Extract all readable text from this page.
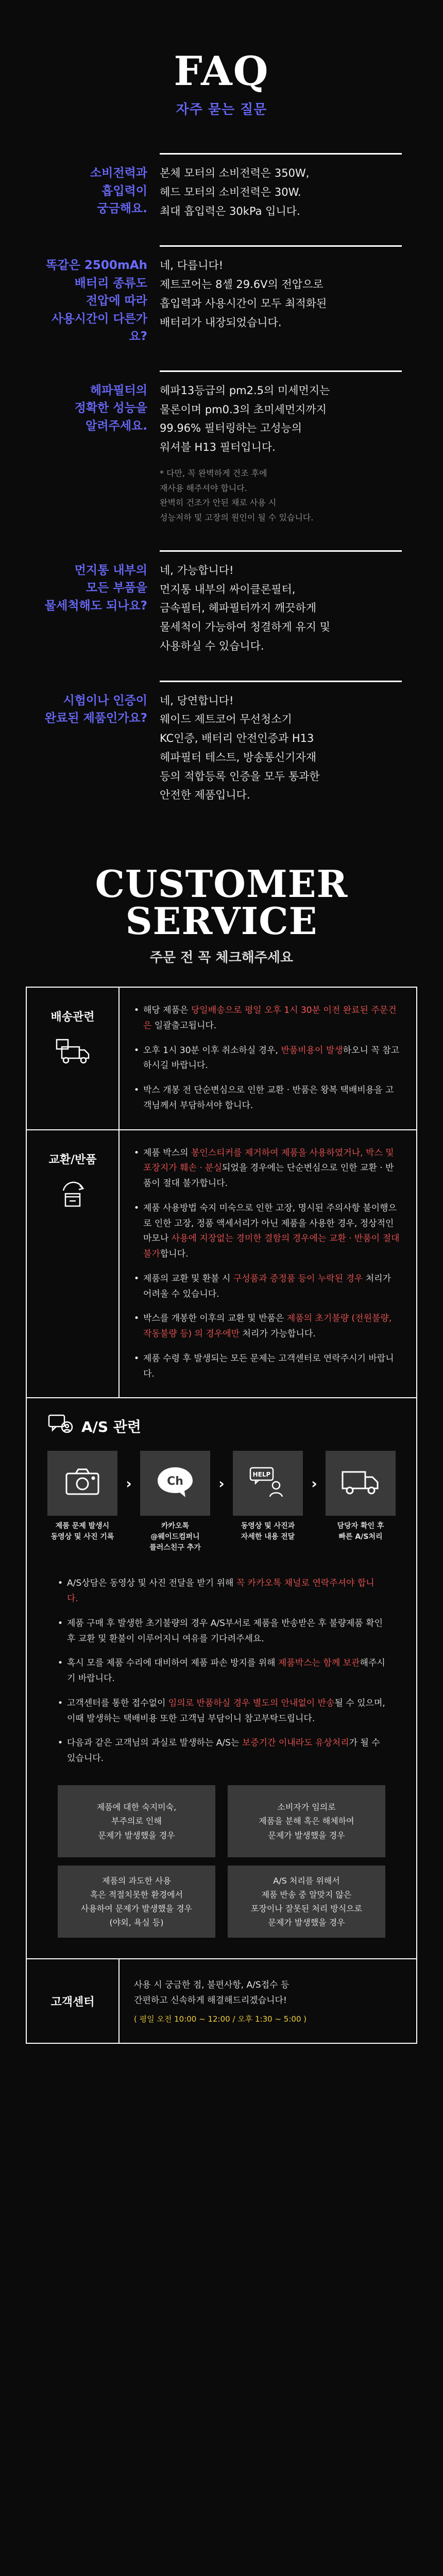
FAQ
자주 묻는 질문
소비전력과
흡입력이
궁금해요.
본체 모터의 소비전력은 350W,
헤드 모터의 소비전력은 30W.
최대 흡입력은 30kPa 입니다.
똑같은 2500mAh
배터리 종류도
전압에 따라
사용시간이 다른가요?
네, 다릅니다!
제트코어는 8셀 29.6V의 전압으로
흡입력과 사용시간이 모두 최적화된
배터리가 내장되었습니다.
헤파필터의
정확한 성능을
알려주세요.
헤파13등급의 pm2.5의 미세먼지는
물론이며 pm0.3의 초미세먼지까지
99.96% 필터링하는 고성능의
워셔블 H13 필터입니다.
* 다만, 꼭 완벽하게 건조 후에
재사용 해주셔야 합니다.
완벽히 건조가 안된 채로 사용 시
성능저하 및 고장의 원인이 될 수 있습니다.
먼지통 내부의
모든 부품을
물세척해도 되나요?
네, 가능합니다!
먼지통 내부의 싸이클론필터,
금속필터, 헤파필터까지 깨끗하게
물세척이 가능하여 청결하게 유지 및
사용하실 수 있습니다.
시험이나 인증이
완료된 제품인가요?
네, 당연합니다!
웨이드 제트코어 무선청소기
KC인증, 배터리 안전인증과 H13
헤파필터 테스트, 방송통신기자재
등의 적합등록 인증을 모두 통과한
안전한 제품입니다.
CUSTOMER SERVICE
주문 전 꼭 체크해주세요
배송관련
• 해당 제품은 당일배송으로 평일 오후 1시 30분 이전 완료된 주문건은 일괄출고됩니다.
• 오후 1시 30분 이후 취소하실 경우, 반품비용이 발생하오니 꼭 참고하시길 바랍니다.
• 박스 개봉 전 단순변심으로 인한 교환 · 반품은 왕복 택배비용을 고객님께서 부담하셔야 합니다.
교환/반품
• 제품 박스의 봉인스티커를 제거하여 제품을 사용하였거나, 박스 및 포장지가 훼손 · 분실되었을 경우에는 단순변심으로 인한 교환 · 반품이 절대 불가합니다.
• 제품 사용방법 숙지 미숙으로 인한 고장, 명시된 주의사항 불이행으로 인한 고장, 정품 액세서리가 아닌 제품을 사용한 경우, 정상적인 마모나 사용에 지장없는 경미한 결함의 경우에는 교환 · 반품이 절대 불가합니다.
• 제품의 교환 및 환불 시 구성품과 증정품 등이 누락된 경우 처리가 어려울 수 있습니다.
• 박스를 개봉한 이후의 교환 및 반품은 제품의 초기불량 (전원불량, 작동불량 등) 의 경우에만 처리가 가능합니다.
• 제품 수령 후 발생되는 모든 문제는 고객센터로 연락주시기 바랍니다.
A/S 관련
제품 문제 발생시
동영상 및 사진 기록
›	Ch
카카오톡
@웨이드컴퍼니
플러스친구 추가
›
HELP
동영상 및 사진과
자세한 내용 전달
›
담당자 확인 후
빠른 A/S처리
• A/S상담은 동영상 및 사진 전달을 받기 위해 꼭 카카오톡 채널로 연락주셔야 합니다.
• 제품 구매 후 발생한 초기불량의 경우 A/S부서로 제품을 반송받은 후 불량제품 확인 후 교환 및 환불이 이루어지니 여유를 기다려주세요.
• 혹시 모를 제품 수리에 대비하여 제품 파손 방지를 위해 제품박스는 함께 보관해주시기 바랍니다.
• 고객센터를 통한 접수없이 임의로 반품하실 경우 별도의 안내없이 반송될 수 있으며, 이때 발생하는 택배비용 또한 고객님 부담이니 참고부탁드립니다.
• 다음과 같은 고객님의 과실로 발생하는 A/S는 보증기간 이내라도 유상처리가 될 수 있습니다.
제품에 대한 숙지미숙,
부주의로 인해
문제가 발생했을 경우
소비자가 임의로
제품을 분해 혹은 해체하여
문제가 발생했을 경우
제품의 과도한 사용
혹은 적절치못한 환경에서
사용하여 문제가 발생했을 경우
(야외, 욕실 등)
A/S 처리를 위해서
제품 반송 중 알맞지 않은
포장이나 잘못된 처리 방식으로
문제가 발생했을 경우
고객센터
사용 시 궁금한 점, 불편사항, A/S접수 등
간편하고 신속하게 해결해드리겠습니다!
( 평일 오전 10:00 ~ 12:00 / 오후 1:30 ~ 5:00 )
